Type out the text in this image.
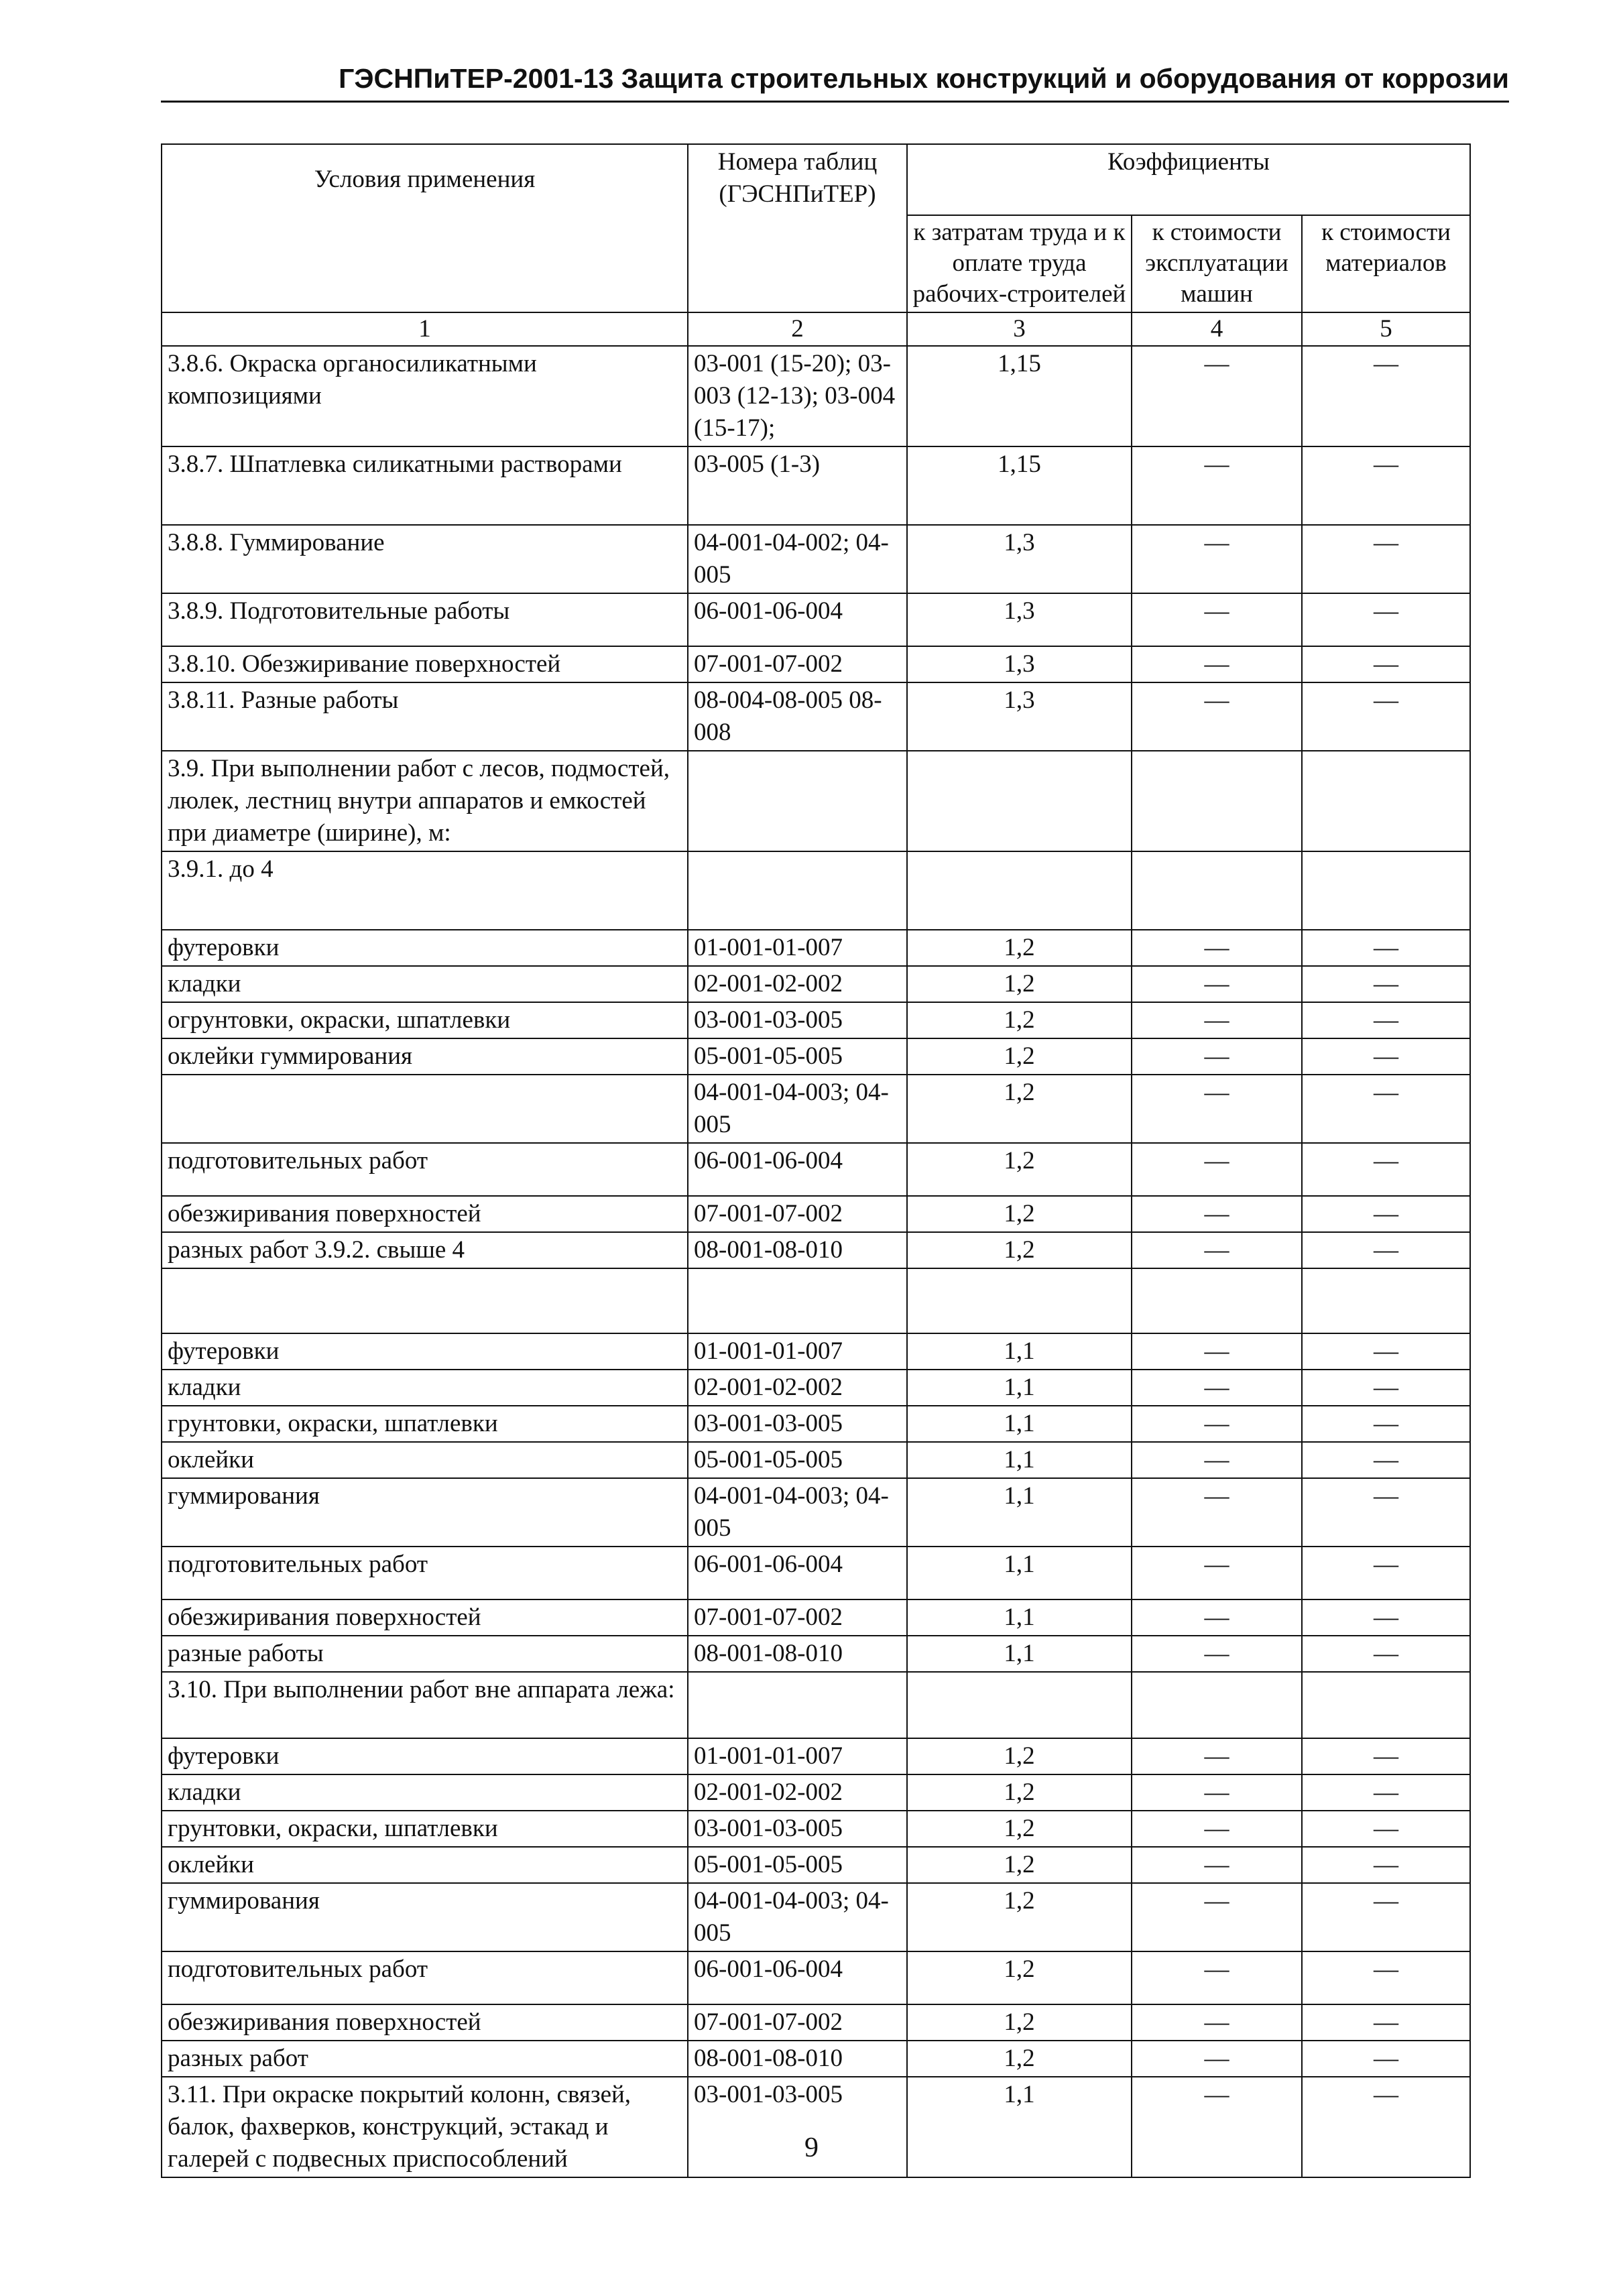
ГЭСНПиТЕР-2001-13 Защита строительных конструкций и оборудования от коррозии
Условия применения	Номера таблиц (ГЭСНПиТЕР)	Коэффициенты		
		к затратам труда и к оплате труда рабочих-строителей	к стоимости эксплуатации машин	к стоимости материалов
1	2	3	4	5
3.8.6. Окраска органосиликатными композициями	03-001 (15-20); 03-003 (12-13); 03-004 (15-17);	1,15	—	—
3.8.7. Шпатлевка силикатными растворами	03-005 (1-3)	1,15	—	—
3.8.8. Гуммирование	04-001-04-002; 04-005	1,3	—	—
3.8.9. Подготовительные работы	06-001-06-004	1,3	—	—
3.8.10. Обезжиривание поверхностей	07-001-07-002	1,3	—	—
3.8.11. Разные работы	08-004-08-005 08-008	1,3	—	—
3.9. При выполнении работ с лесов, подмостей, люлек, лестниц внутри аппаратов и емкостей при диаметре (ширине), м:				
3.9.1. до 4				
футеровки	01-001-01-007	1,2	—	—
кладки	02-001-02-002	1,2	—	—
огрунтовки, окраски, шпатлевки	03-001-03-005	1,2	—	—
оклейки гуммирования	05-001-05-005	1,2	—	—
	04-001-04-003; 04-005	1,2	—	—
подготовительных работ	06-001-06-004	1,2	—	—
обезжиривания поверхностей	07-001-07-002	1,2	—	—
разных работ 3.9.2. свыше 4	08-001-08-010	1,2	—	—

футеровки	01-001-01-007	1,1	—	—
кладки	02-001-02-002	1,1	—	—
грунтовки, окраски, шпатлевки	03-001-03-005	1,1	—	—
оклейки	05-001-05-005	1,1	—	—
гуммирования	04-001-04-003; 04-005	1,1	—	—
подготовительных работ	06-001-06-004	1,1	—	—
обезжиривания поверхностей	07-001-07-002	1,1	—	—
разные работы	08-001-08-010	1,1	—	—
3.10. При выполнении работ вне аппарата лежа:				
футеровки	01-001-01-007	1,2	—	—
кладки	02-001-02-002	1,2	—	—
грунтовки, окраски, шпатлевки	03-001-03-005	1,2	—	—
оклейки	05-001-05-005	1,2	—	—
гуммирования	04-001-04-003; 04-005	1,2	—	—
подготовительных работ	06-001-06-004	1,2	—	—
обезжиривания поверхностей	07-001-07-002	1,2	—	—
разных работ	08-001-08-010	1,2	—	—
3.11. При окраске покрытий колонн, связей, балок, фахверков, конструкций, эстакад и галерей с подвесных приспособлений	03-001-03-005	1,1	—	—
9
